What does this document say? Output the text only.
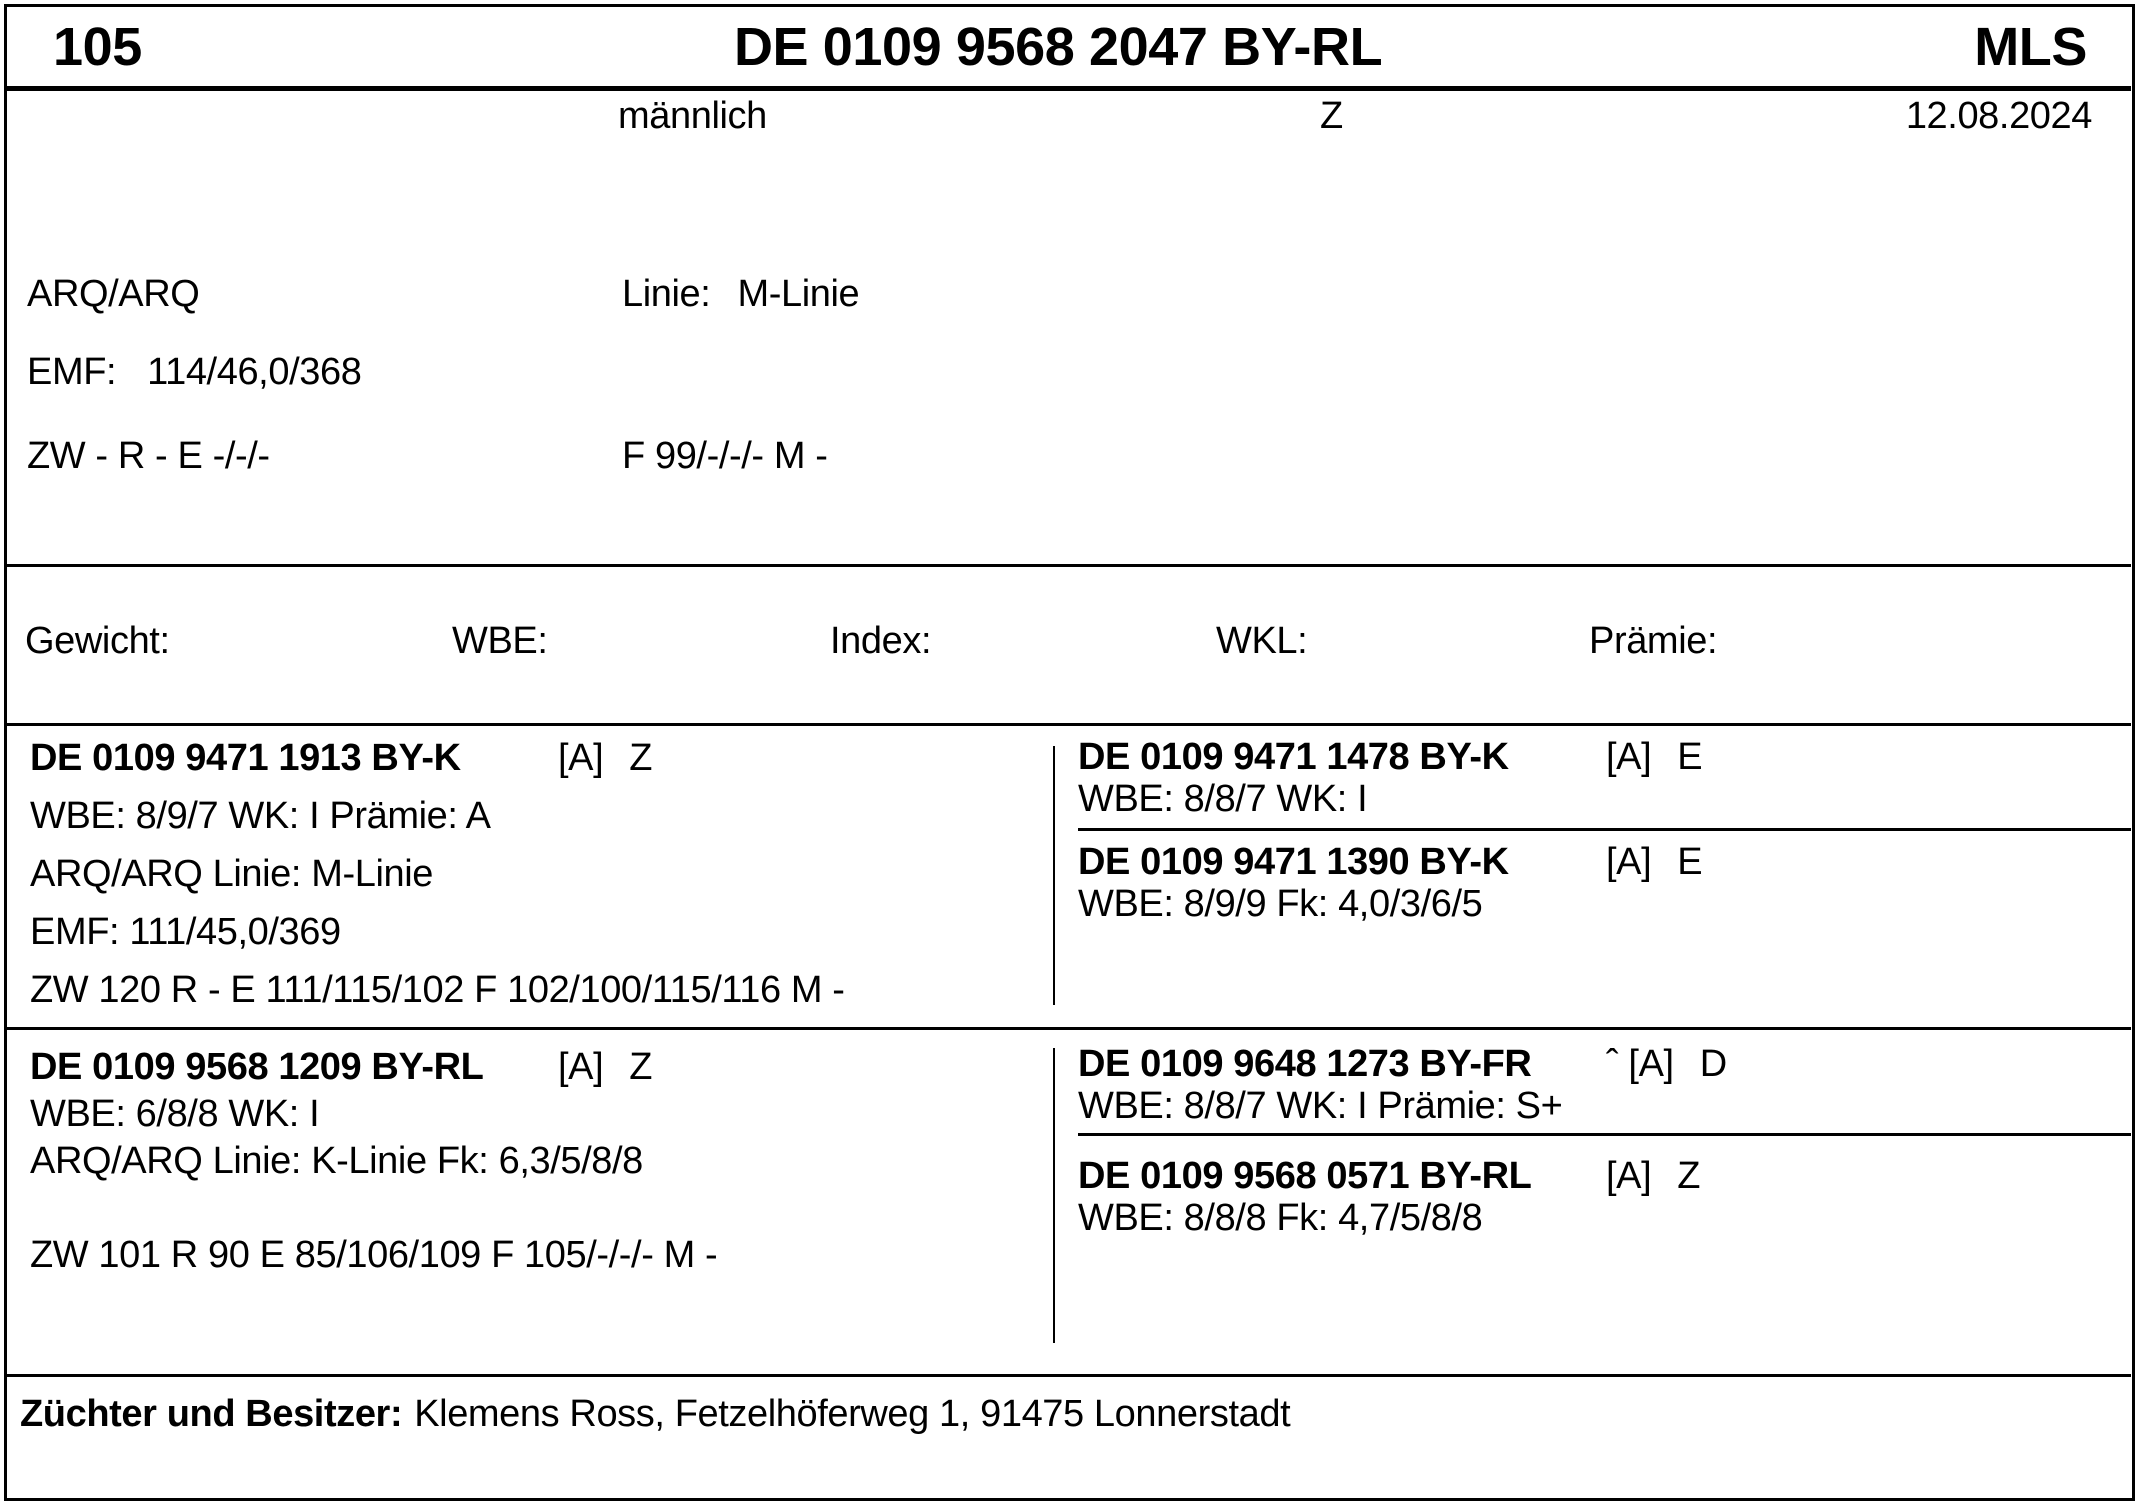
105	DE 0109 9568 2047 BY-RL	MLS
männlich	Z	12.08.2024
ARQ/ARQ	Linie: M-Linie
EMF: 114/46,0/368
ZW - R - E -/-/-	F 99/-/-/- M -
Gewicht:	WBE:	Index:	WKL:	Prämie:
DE 0109 9471 1913 BY-K	[A] Z
WBE: 8/9/7 WK: I Prämie: A
ARQ/ARQ Linie: M-Linie
EMF: 111/45,0/369
ZW 120 R - E 111/115/102 F 102/100/115/116 M -
DE 0109 9471 1478 BY-K	[A] E
WBE: 8/8/7 WK: I
DE 0109 9471 1390 BY-K	[A] E
WBE: 8/9/9 Fk: 4,0/3/6/5
DE 0109 9568 1209 BY-RL [A] Z
WBE: 6/8/8 WK: I
ARQ/ARQ Linie: K-Linie Fk: 6,3/5/8/8
ZW 101 R 90 E 85/106/109 F 105/-/-/- M -
DE 0109 9648 1273 BY-FR ˆ [A] D
WBE: 8/8/7 WK: I Prämie: S+
DE 0109 9568 0571 BY-RL [A] Z
WBE: 8/8/8 Fk: 4,7/5/8/8
Züchter und Besitzer: Klemens Ross, Fetzelhöferweg 1, 91475 Lonnerstadt
